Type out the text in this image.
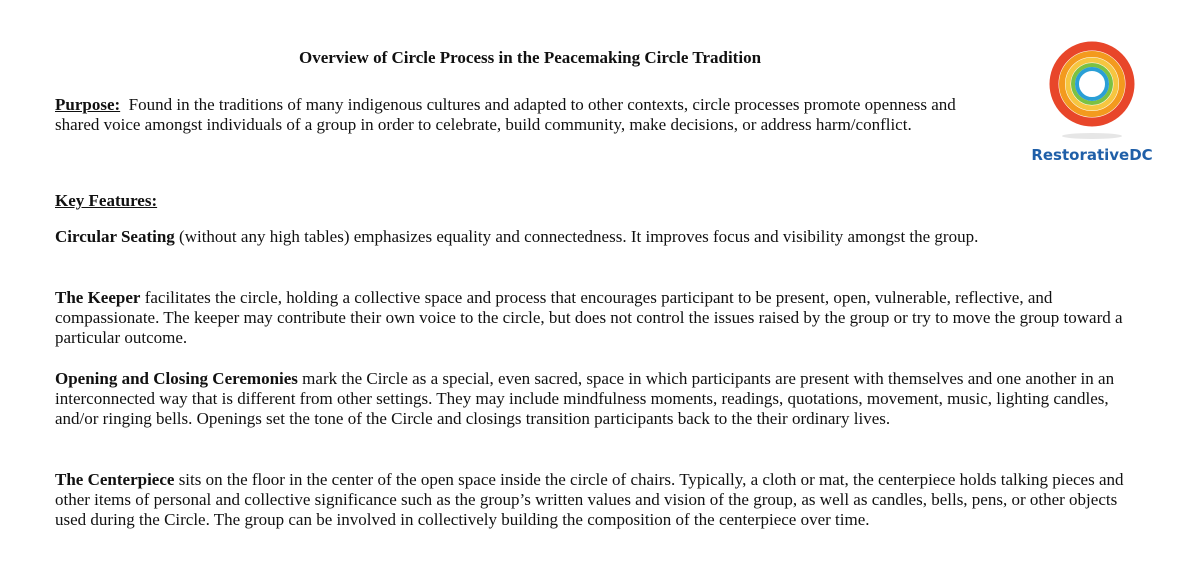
Overview of Circle Process in the Peacemaking Circle Tradition

Purpose: Found in the traditions of many indigenous cultures and adapted to other contexts, circle processes promote openness and shared voice amongst individuals of a group in order to celebrate, build community, make decisions, or address harm/conflict.

Key Features:

Circular Seating (without any high tables) emphasizes equality and connectedness. It improves focus and visibility amongst the group.

The Keeper facilitates the circle, holding a collective space and process that encourages participant to be present, open, vulnerable, reflective, and compassionate. The keeper may contribute their own voice to the circle, but does not control the issues raised by the group or try to move the group toward a particular outcome.

Opening and Closing Ceremonies mark the Circle as a special, even sacred, space in which participants are present with themselves and one another in an interconnected way that is different from other settings. They may include mindfulness moments, readings, quotations, movement, music, lighting candles, and/or ringing bells. Openings set the tone of the Circle and closings transition participants back to the their ordinary lives.

The Centerpiece sits on the floor in the center of the open space inside the circle of chairs. Typically, a cloth or mat, the centerpiece holds talking pieces and other items of personal and collective significance such as the group’s written values and vision of the group, as well as candles, bells, pens, or other objects used during the Circle. The group can be involved in collectively building the composition of the centerpiece over time.

RestorativeDC
